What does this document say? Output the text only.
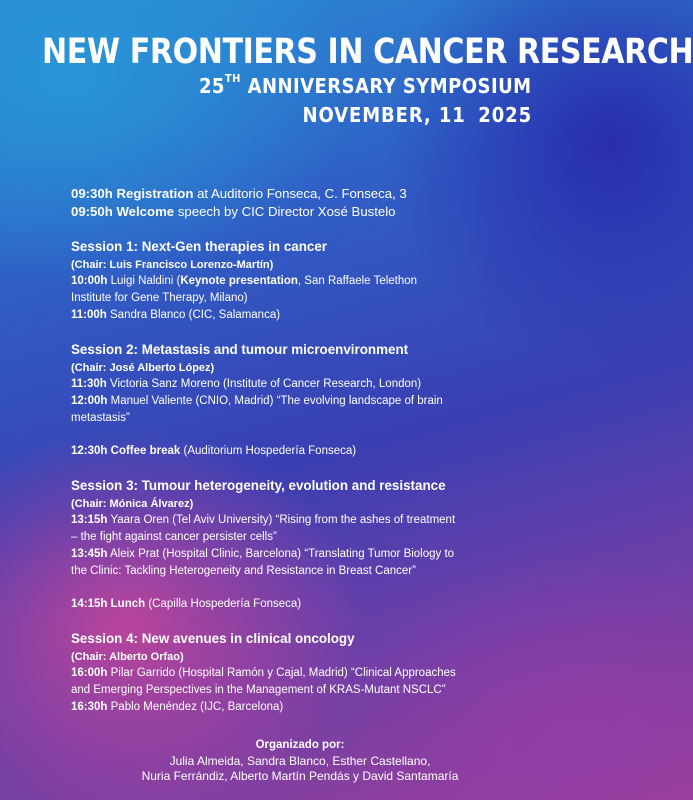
NEW FRONTIERS IN CANCER RESEARCH
25TH ANNIVERSARY SYMPOSIUM
NOVEMBER, 11 2025
09:30h Registration at Auditorio Fonseca, C. Fonseca, 3
09:50h Welcome speech by CIC Director Xosé Bustelo
Session 1: Next-Gen therapies in cancer
(Chair: Luis Francisco Lorenzo-Martín)
10:00h Luigi Naldini (Keynote presentation, San Raffaele Telethon
Institute for Gene Therapy, Milano)
11:00h Sandra Blanco (CIC, Salamanca)
Session 2: Metastasis and tumour microenvironment
(Chair: José Alberto López)
11:30h Victoria Sanz Moreno (Institute of Cancer Research, London)
12:00h Manuel Valiente (CNIO, Madrid) “The evolving landscape of brain
metastasis”
12:30h Coffee break (Auditorium Hospedería Fonseca)
Session 3: Tumour heterogeneity, evolution and resistance
(Chair: Mónica Álvarez)
13:15h Yaara Oren (Tel Aviv University) “Rising from the ashes of treatment
– the fight against cancer persister cells”
13:45h Aleix Prat (Hospital Clinic, Barcelona) “Translating Tumor Biology to
the Clinic: Tackling Heterogeneity and Resistance in Breast Cancer”
14:15h Lunch (Capilla Hospedería Fonseca)
Session 4: New avenues in clinical oncology
(Chair: Alberto Orfao)
16:00h Pilar Garrido (Hospital Ramón y Cajal, Madrid) “Clinical Approaches
and Emerging Perspectives in the Management of KRAS-Mutant NSCLC”
16:30h Pablo Menéndez (IJC, Barcelona)
Organizado por:
Julia Almeida, Sandra Blanco, Esther Castellano,
Nuria Ferrándiz, Alberto Martín Pendás y David Santamaría
